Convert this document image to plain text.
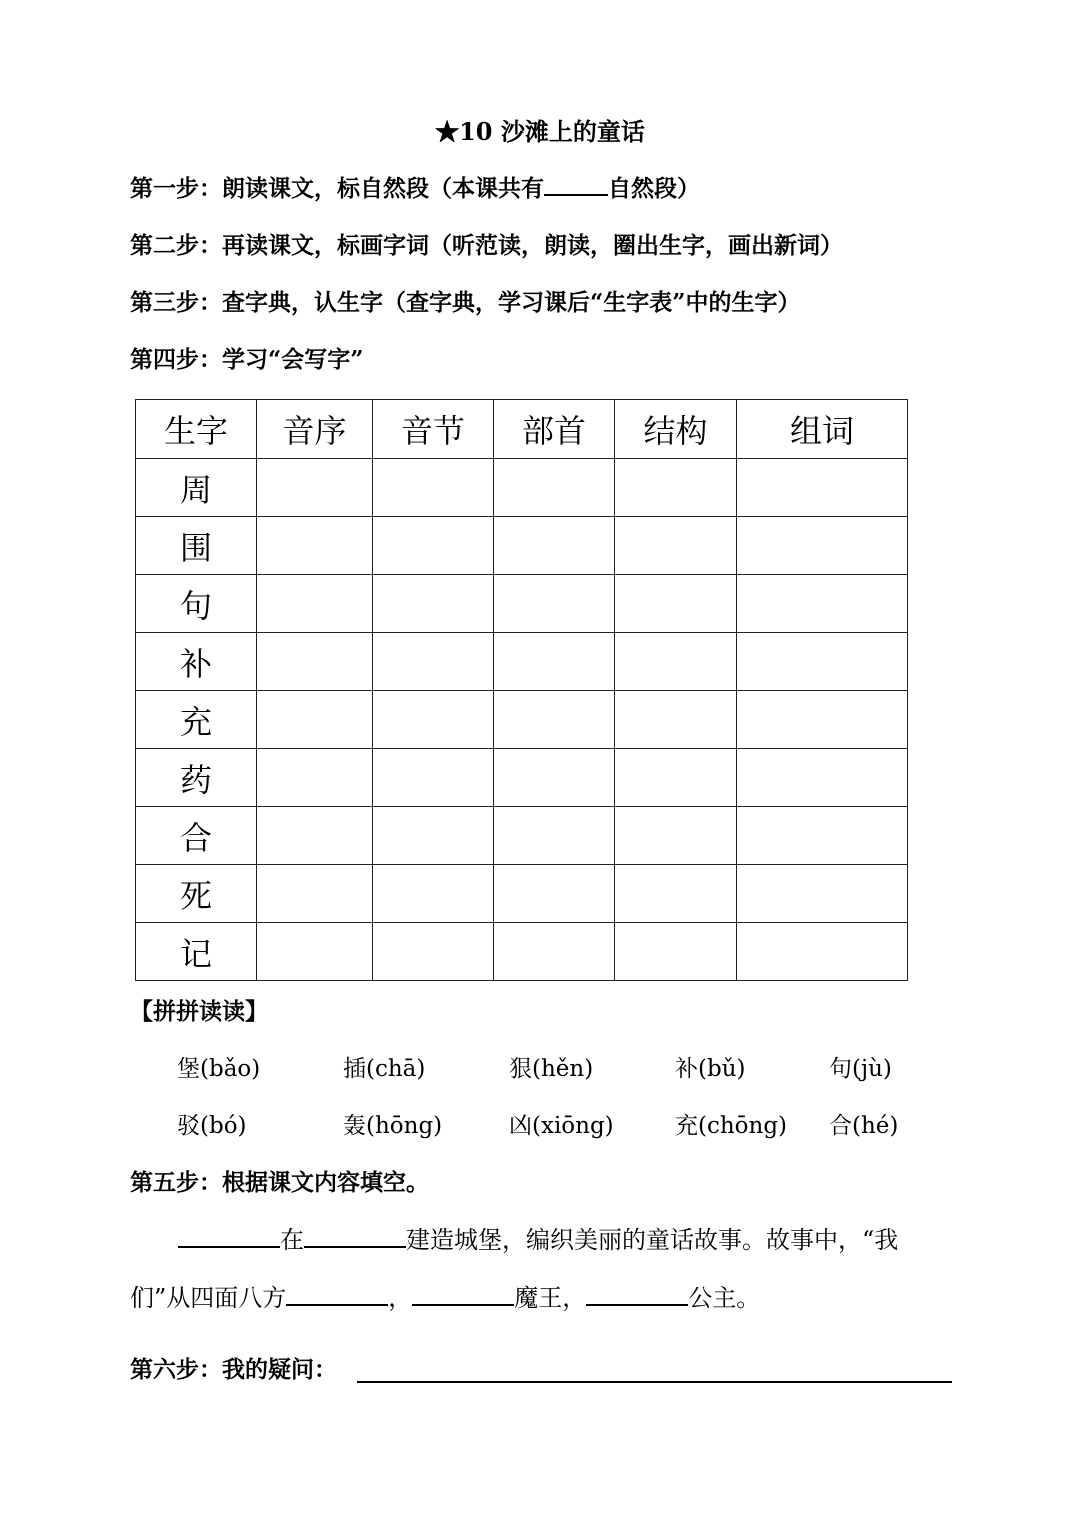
★10 沙滩上的童话
第一步：朗读课文，标自然段（本课共有	自然段）
第二步：再读课文，标画字词（听范读，朗读，圈出生字，画出新词）
第三步：查字典，认生字（查字典，学习课后“生字表”中的生字）
第四步：学习“会写字”
生字	音序	音节	部首	结构	组词
周					
围					
句					
补					
充					
药					
合					
死					
记					
【拼拼读读】
堡(bǎo)	插(chā)	狠(hěn)	补(bǔ)	句(jù)
驳(bó)	轰(hōng)	凶(xiōng)	充(chōng) 合(hé)
第五步：根据课文内容填空。
在	建造城堡，编织美丽的童话故事。故事中，“我
们”从四面八方	，	魔王，	公主。
第六步：我的疑问：
